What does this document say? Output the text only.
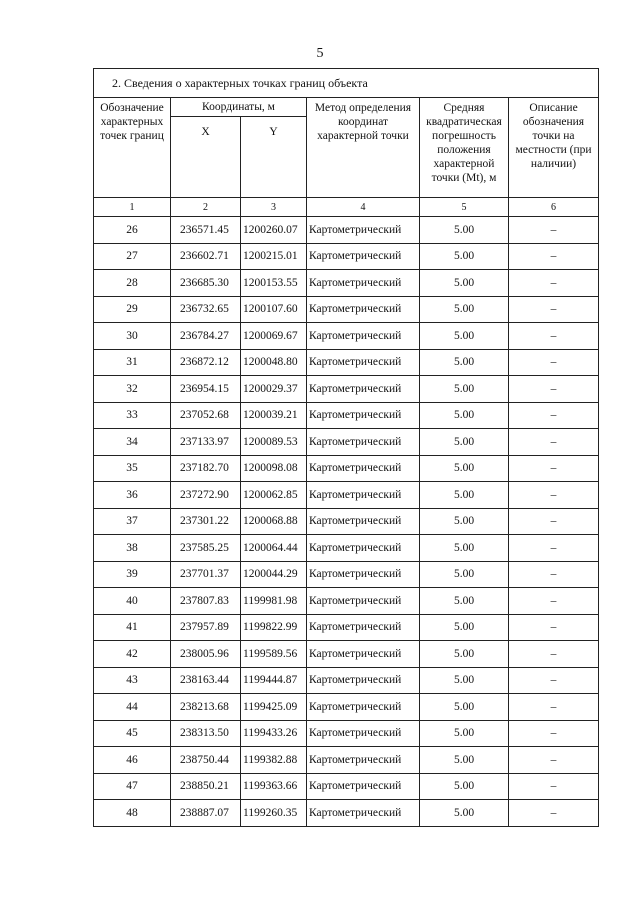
5
2. Сведения о характерных точках границ объекта					
Обозначение характерных точек границ	Координаты, м		Метод определения координат характерной точки	Средняя квадратическая погрешность положения характерной точки (Mt), м	Описание обозначения точки на местности (при наличии)
	X	Y			
1	2	3	4	5	6
26	236571.45	1200260.07	Картометрический	5.00	–
27	236602.71	1200215.01	Картометрический	5.00	–
28	236685.30	1200153.55	Картометрический	5.00	–
29	236732.65	1200107.60	Картометрический	5.00	–
30	236784.27	1200069.67	Картометрический	5.00	–
31	236872.12	1200048.80	Картометрический	5.00	–
32	236954.15	1200029.37	Картометрический	5.00	–
33	237052.68	1200039.21	Картометрический	5.00	–
34	237133.97	1200089.53	Картометрический	5.00	–
35	237182.70	1200098.08	Картометрический	5.00	–
36	237272.90	1200062.85	Картометрический	5.00	–
37	237301.22	1200068.88	Картометрический	5.00	–
38	237585.25	1200064.44	Картометрический	5.00	–
39	237701.37	1200044.29	Картометрический	5.00	–
40	237807.83	1199981.98	Картометрический	5.00	–
41	237957.89	1199822.99	Картометрический	5.00	–
42	238005.96	1199589.56	Картометрический	5.00	–
43	238163.44	1199444.87	Картометрический	5.00	–
44	238213.68	1199425.09	Картометрический	5.00	–
45	238313.50	1199433.26	Картометрический	5.00	–
46	238750.44	1199382.88	Картометрический	5.00	–
47	238850.21	1199363.66	Картометрический	5.00	–
48	238887.07	1199260.35	Картометрический	5.00	–
